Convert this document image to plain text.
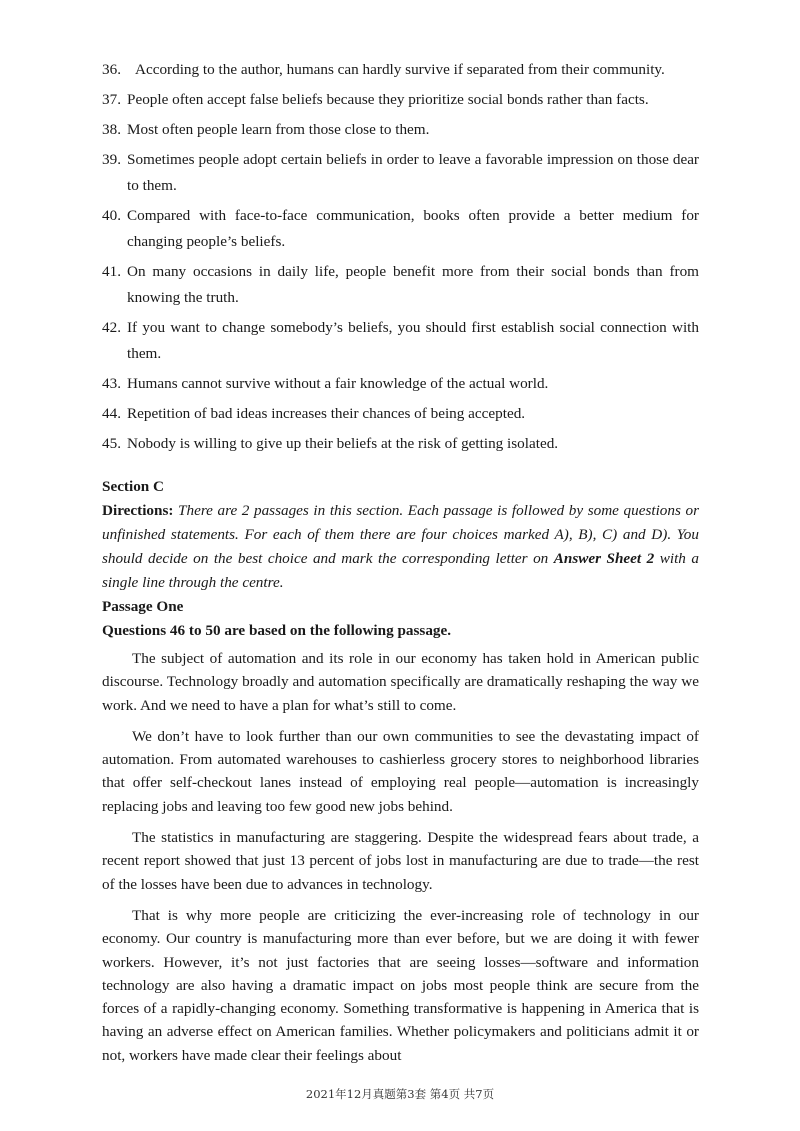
36. According to the author, humans can hardly survive if separated from their community.
37. People often accept false beliefs because they prioritize social bonds rather than facts.
38. Most often people learn from those close to them.
39. Sometimes people adopt certain beliefs in order to leave a favorable impression on those dear to them.
40. Compared with face-to-face communication, books often provide a better medium for changing people’s beliefs.
41. On many occasions in daily life, people benefit more from their social bonds than from knowing the truth.
42. If you want to change somebody’s beliefs, you should first establish social connection with them.
43. Humans cannot survive without a fair knowledge of the actual world.
44. Repetition of bad ideas increases their chances of being accepted.
45. Nobody is willing to give up their beliefs at the risk of getting isolated.
Section C
Directions: There are 2 passages in this section. Each passage is followed by some questions or unfinished statements. For each of them there are four choices marked A), B), C) and D). You should decide on the best choice and mark the corresponding letter on Answer Sheet 2 with a single line through the centre.
Passage One
Questions 46 to 50 are based on the following passage.

The subject of automation and its role in our economy has taken hold in American public discourse. Technology broadly and automation specifically are dramatically reshaping the way we work. And we need to have a plan for what’s still to come.

We don’t have to look further than our own communities to see the devastating impact of automation. From automated warehouses to cashierless grocery stores to neighborhood libraries that offer self-checkout lanes instead of employing real people—automation is increasingly replacing jobs and leaving too few good new jobs behind.

The statistics in manufacturing are staggering. Despite the widespread fears about trade, a recent report showed that just 13 percent of jobs lost in manufacturing are due to trade—the rest of the losses have been due to advances in technology.

That is why more people are criticizing the ever-increasing role of technology in our economy. Our country is manufacturing more than ever before, but we are doing it with fewer workers. However, it’s not just factories that are seeing losses—software and information technology are also having a dramatic impact on jobs most people think are secure from the forces of a rapidly-changing economy. Something transformative is happening in America that is having an adverse effect on American families. Whether policymakers and politicians admit it or not, workers have made clear their feelings about

2021年12月真题第3套 第4页 共7页
